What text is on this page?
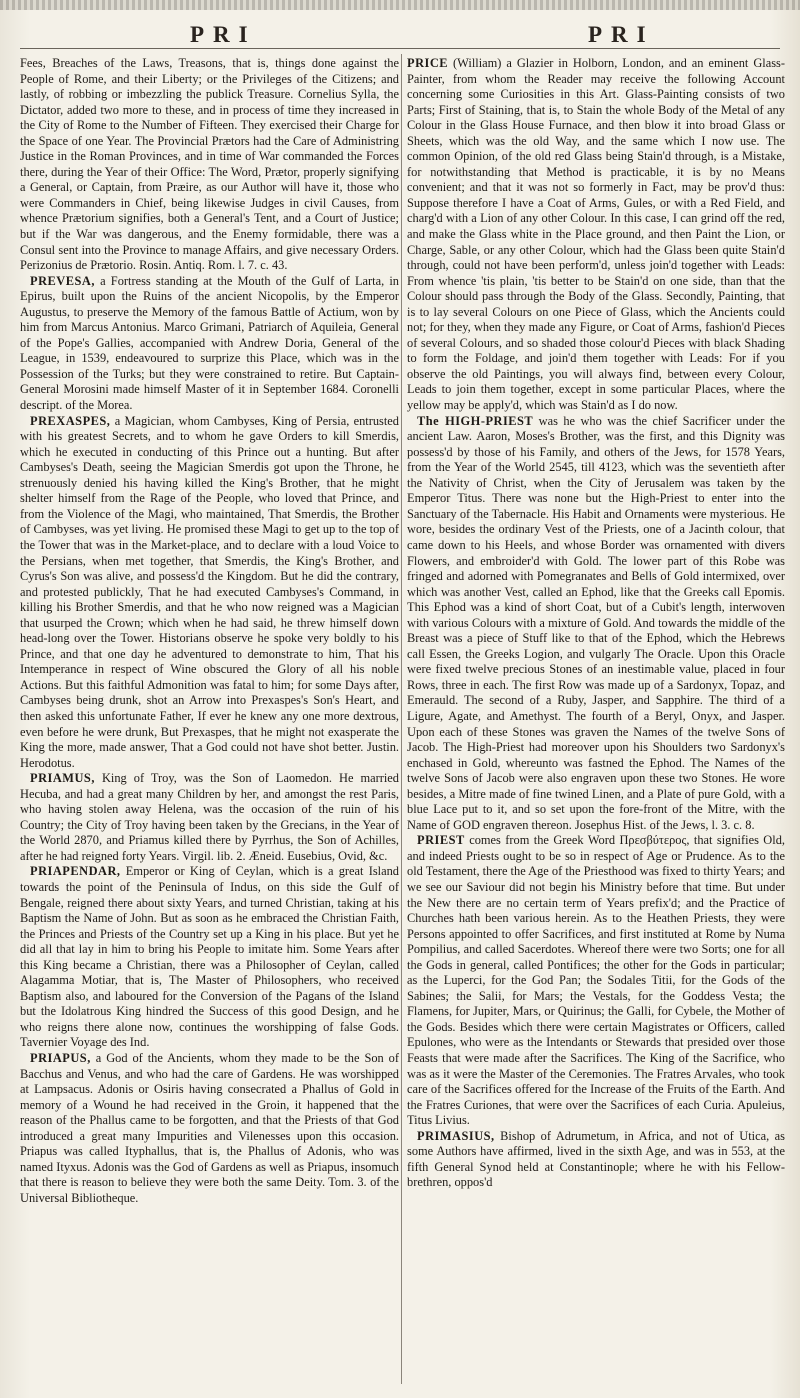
PRI	PRI

Fees, Breaches of the Laws, Treasons, that is, things done against the People of Rome, and their Liberty; or the Privileges of the Citizens; and lastly, of robbing or imbezzling the publick Treasure. Cornelius Sylla, the Dictator, added two more to these, and in process of time they increased in the City of Rome to the Number of Fifteen. They exercised their Charge for the Space of one Year. The Provincial Prætors had the Care of Administring Justice in the Roman Provinces, and in time of War commanded the Forces there, during the Year of their Office: The Word, Prætor, properly signifying a General, or Captain, from Præire, as our Author will have it, those who were Commanders in Chief, being likewise Judges in civil Causes, from whence Prætorium signifies, both a General's Tent, and a Court of Justice; but if the War was dangerous, and the Enemy formidable, there was a Consul sent into the Province to manage Affairs, and give necessary Orders. Perizonius de Prætorio. Rosin. Antiq. Rom. l. 7. c. 43.

PREVESA, a Fortress standing at the Mouth of the Gulf of Larta, in Epirus, built upon the Ruins of the ancient Nicopolis, by the Emperor Augustus, to preserve the Memory of the famous Battle of Actium, won by him from Marcus Antonius. Marco Grimani, Patriarch of Aquileia, General of the Pope's Gallies, accompanied with Andrew Doria, General of the League, in 1539, endeavoured to surprize this Place, which was in the Possession of the Turks; but they were constrained to retire. But Captain-General Morosini made himself Master of it in September 1684. Coronelli descript. of the Morea.

PREXASPES, a Magician, whom Cambyses, King of Persia, entrusted with his greatest Secrets, and to whom he gave Orders to kill Smerdis, which he executed in conducting of this Prince out a hunting. But after Cambyses's Death, seeing the Magician Smerdis got upon the Throne, he strenuously denied his having killed the King's Brother, that he might shelter himself from the Rage of the People, who loved that Prince, and from the Violence of the Magi, who maintained, That Smerdis, the Brother of Cambyses, was yet living. He promised these Magi to get up to the top of the Tower that was in the Market-place, and to declare with a loud Voice to the Persians, when met together, that Smerdis, the King's Brother, and Cyrus's Son was alive, and possess'd the Kingdom. But he did the contrary, and protested publickly, That he had executed Cambyses's Command, in killing his Brother Smerdis, and that he who now reigned was a Magician that usurped the Crown; which when he had said, he threw himself down head-long over the Tower. Historians observe he spoke very boldly to his Prince, and that one day he adventured to demonstrate to him, That his Intemperance in respect of Wine obscured the Glory of all his noble Actions. But this faithful Admonition was fatal to him; for some Days after, Cambyses being drunk, shot an Arrow into Prexaspes's Son's Heart, and then asked this unfortunate Father, If ever he knew any one more dextrous, even before he were drunk, But Prexaspes, that he might not exasperate the King the more, made answer, That a God could not have shot better. Justin. Herodotus.

PRIAMUS, King of Troy, was the Son of Laomedon. He married Hecuba, and had a great many Children by her, and amongst the rest Paris, who having stolen away Helena, was the occasion of the ruin of his Country; the City of Troy having been taken by the Grecians, in the Year of the World 2870, and Priamus killed there by Pyrrhus, the Son of Achilles, after he had reigned forty Years. Virgil. lib. 2. Æneid. Eusebius, Ovid, &c.

PRIAPENDAR, Emperor or King of Ceylan, which is a great Island towards the point of the Peninsula of Indus, on this side the Gulf of Bengale, reigned there about sixty Years, and turned Christian, taking at his Baptism the Name of John. But as soon as he embraced the Christian Faith, the Princes and Priests of the Country set up a King in his place. But yet he did all that lay in him to bring his People to imitate him. Some Years after this King became a Christian, there was a Philosopher of Ceylan, called Alagamma Motiar, that is, The Master of Philosophers, who received Baptism also, and laboured for the Conversion of the Pagans of the Island but the Idolatrous King hindred the Success of this good Design, and he who reigns there alone now, continues the worshipping of false Gods. Tavernier Voyage des Ind.

PRIAPUS, a God of the Ancients, whom they made to be the Son of Bacchus and Venus, and who had the care of Gardens. He was worshipped at Lampsacus. Adonis or Osiris having consecrated a Phallus of Gold in memory of a Wound he had received in the Groin, it happened that the reason of the Phallus came to be forgotten, and that the Priests of that God introduced a great many Impurities and Vilenesses upon this occasion. Priapus was called Ityphallus, that is, the Phallus of Adonis, who was named Ityxus. Adonis was the God of Gardens as well as Priapus, insomuch that there is reason to believe they were both the same Deity. Tom. 3. of the Universal Bibliotheque.

PRICE (William) a Glazier in Holborn, London, and an eminent Glass-Painter, from whom the Reader may receive the following Account concerning some Curiosities in this Art. Glass-Painting consists of two Parts; First of Staining, that is, to Stain the whole Body of the Metal of any Colour in the Glass House Furnace, and then blow it into broad Glass or Sheets, which was the old Way, and the same which I now use. The common Opinion, of the old red Glass being Stain'd through, is a Mistake, for notwithstanding that Method is practicable, it is by no Means convenient; and that it was not so formerly in Fact, may be prov'd thus: Suppose therefore I have a Coat of Arms, Gules, or with a Red Field, and charg'd with a Lion of any other Colour. In this case, I can grind off the red, and make the Glass white in the Place ground, and then Paint the Lion, or Charge, Sable, or any other Colour, which had the Glass been quite Stain'd through, could not have been perform'd, unless join'd together with Leads: From whence 'tis plain, 'tis better to be Stain'd on one side, than that the Colour should pass through the Body of the Glass. Secondly, Painting, that is to lay several Colours on one Piece of Glass, which the Ancients could not; for they, when they made any Figure, or Coat of Arms, fashion'd Pieces of several Colours, and so shaded those colour'd Pieces with black Shading to form the Foldage, and join'd them together with Leads: For if you observe the old Paintings, you will always find, between every Colour, Leads to join them together, except in some particular Places, where the yellow may be apply'd, which was Stain'd as I do now.

The HIGH-PRIEST was he who was the chief Sacrificer under the ancient Law. Aaron, Moses's Brother, was the first, and this Dignity was possess'd by those of his Family, and others of the Jews, for 1578 Years, from the Year of the World 2545, till 4123, which was the seventieth after the Nativity of Christ, when the City of Jerusalem was taken by the Emperor Titus. There was none but the High-Priest to enter into the Sanctuary of the Tabernacle. His Habit and Ornaments were mysterious. He wore, besides the ordinary Vest of the Priests, one of a Jacinth colour, that came down to his Heels, and whose Border was ornamented with divers Flowers, and embroider'd with Gold. The lower part of this Robe was fringed and adorned with Pomegranates and Bells of Gold intermixed, over which was another Vest, called an Ephod, like that the Greeks call Epomis. This Ephod was a kind of short Coat, but of a Cubit's length, interwoven with various Colours with a mixture of Gold. And towards the middle of the Breast was a piece of Stuff like to that of the Ephod, which the Hebrews call Essen, the Greeks Logion, and vulgarly The Oracle. Upon this Oracle were fixed twelve precious Stones of an inestimable value, placed in four Rows, three in each. The first Row was made up of a Sardonyx, Topaz, and Emerauld. The second of a Ruby, Jasper, and Sapphire. The third of a Ligure, Agate, and Amethyst. The fourth of a Beryl, Onyx, and Jasper. Upon each of these Stones was graven the Names of the twelve Sons of Jacob. The High-Priest had moreover upon his Shoulders two Sardonyx's enchased in Gold, whereunto was fastned the Ephod. The Names of the twelve Sons of Jacob were also engraven upon these two Stones. He wore besides, a Mitre made of fine twined Linen, and a Plate of pure Gold, with a blue Lace put to it, and so set upon the fore-front of the Mitre, with the Name of GOD engraven thereon. Josephus Hist. of the Jews, l. 3. c. 8.

PRIEST comes from the Greek Word Πρεσβύτερος, that signifies Old, and indeed Priests ought to be so in respect of Age or Prudence. As to the old Testament, there the Age of the Priesthood was fixed to thirty Years; and we see our Saviour did not begin his Ministry before that time. But under the New there are no certain term of Years prefix'd; and the Practice of Churches hath been various herein. As to the Heathen Priests, they were Persons appointed to offer Sacrifices, and first instituted at Rome by Numa Pompilius, and called Sacerdotes. Whereof there were two Sorts; one for all the Gods in general, called Pontifices; the other for the Gods in particular; as the Luperci, for the God Pan; the Sodales Titii, for the Gods of the Sabines; the Salii, for Mars; the Vestals, for the Goddess Vesta; the Flamens, for Jupiter, Mars, or Quirinus; the Galli, for Cybele, the Mother of the Gods. Besides which there were certain Magistrates or Officers, called Epulones, who were as the Intendants or Stewards that presided over those Feasts that were made after the Sacrifices. The King of the Sacrifice, who was as it were the Master of the Ceremonies. The Fratres Arvales, who took care of the Sacrifices offered for the Increase of the Fruits of the Earth. And the Fratres Curiones, that were over the Sacrifices of each Curia. Apuleius, Titus Livius.

PRIMASIUS, Bishop of Adrumetum, in Africa, and not of Utica, as some Authors have affirmed, lived in the sixth Age, and was in 553, at the fifth General Synod held at Constantinople; where he with his Fellow-brethren, oppos'd
